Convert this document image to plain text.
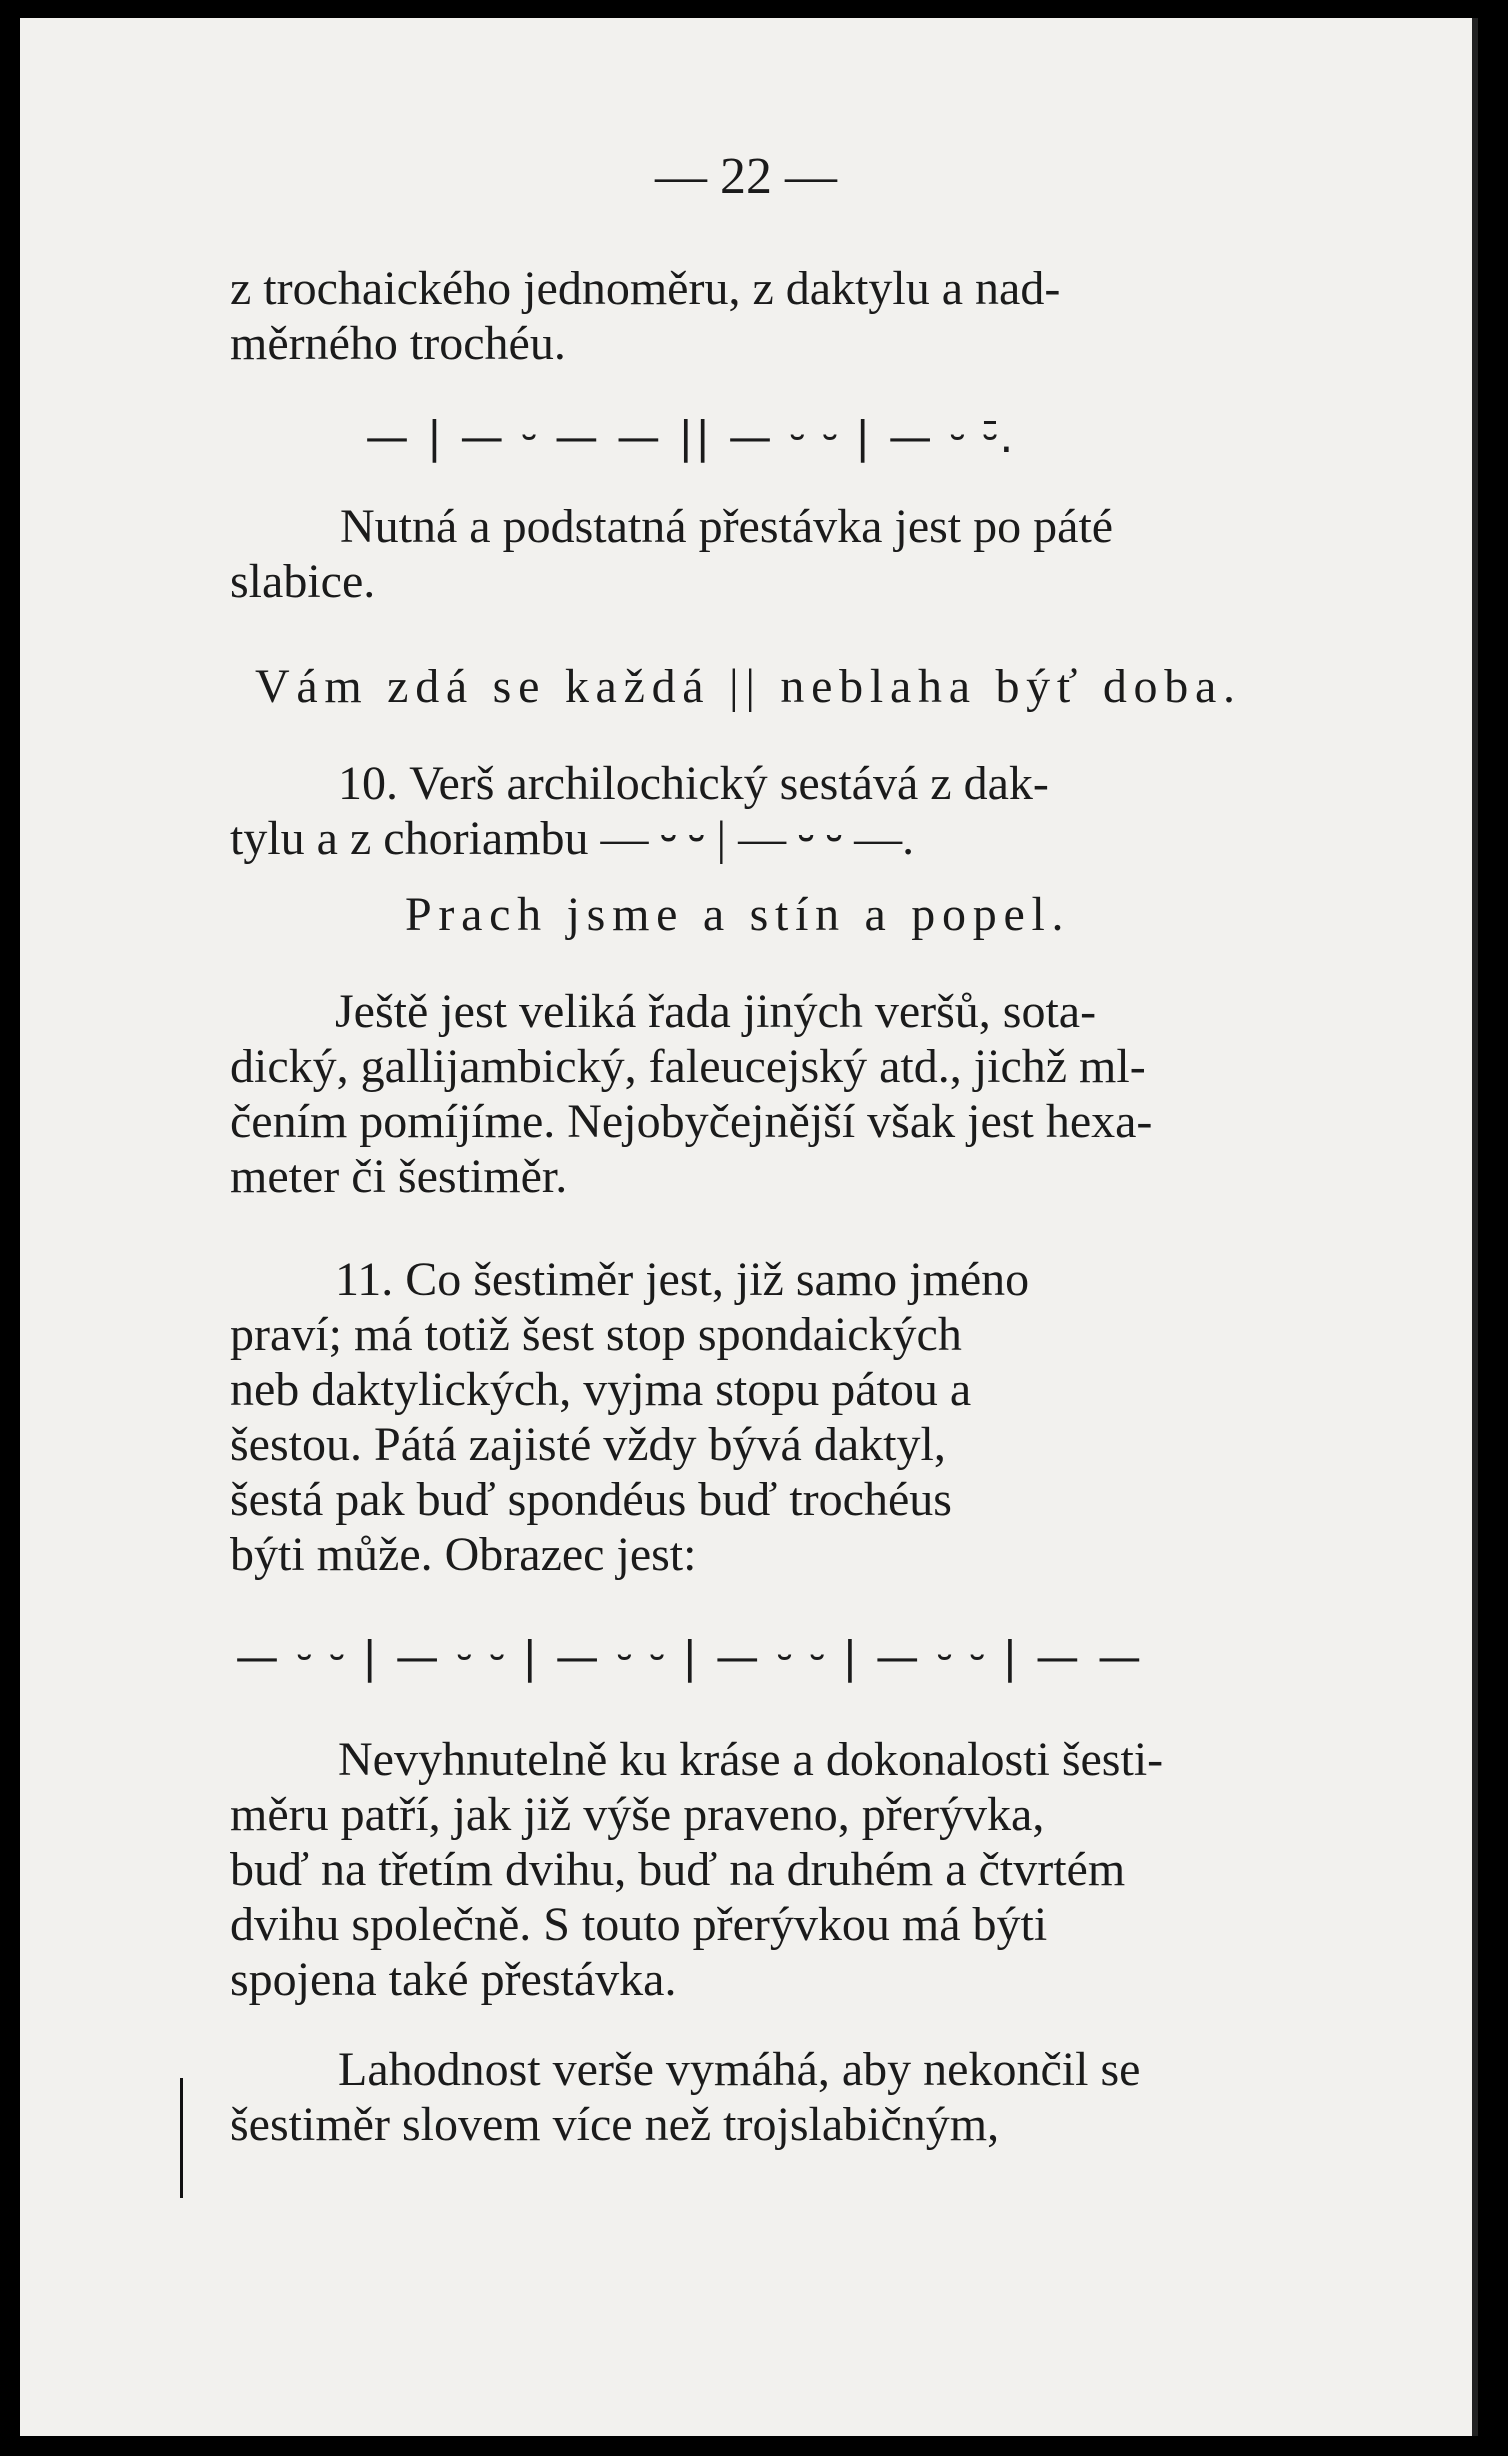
— 22 —
z trochaického jednoměru, z daktylu a nad-
měrného trochéu.
— | — ⏑ — — || — ⏑ ⏑ | — ⏑ ⏑̄.
Nutná a podstatná přestávka jest po páté
slabice.
Vám zdá se každá || neblaha býť doba.
10. Verš archilochický sestává z dak-
tylu a z choriambu — ⏑ ⏑ | — ⏑ ⏑ —.
Prach jsme a stín a popel.
Ještě jest veliká řada jiných veršů, sota-
dický, gallijambický, faleucejský atd., jichž ml-
čením pomíjíme. Nejobyčejnější však jest hexa-
meter či šestiměr.
11. Co šestiměr jest, již samo jméno
praví; má totiž šest stop spondaických
neb daktylických, vyjma stopu pátou a
šestou. Pátá zajisté vždy bývá daktyl,
šestá pak buď spondéus buď trochéus
býti může. Obrazec jest:
— ⏑ ⏑ | — ⏑ ⏑ | — ⏑ ⏑ | — ⏑ ⏑ | — ⏑ ⏑ | — —
Nevyhnutelně ku kráse a dokonalosti šesti-
měru patří, jak již výše praveno, přerývka,
buď na třetím dvihu, buď na druhém a čtvrtém
dvihu společně. S touto přerývkou má býti
spojena také přestávka.
Lahodnost verše vymáhá, aby nekončil se
šestiměr slovem více než trojslabičným,
